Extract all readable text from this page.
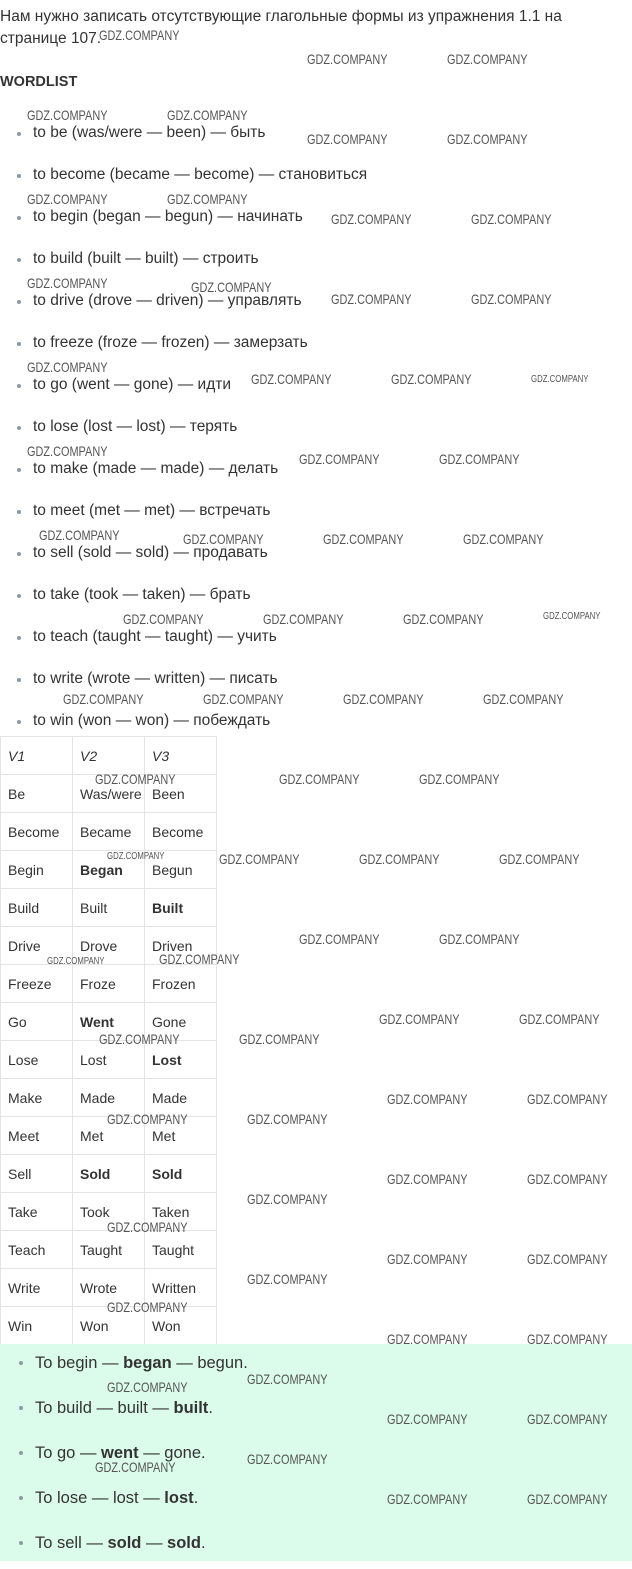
Нам нужно записать отсутствующие глагольные формы из упражнения 1.1 на странице 107.

WORDLIST
to be (was/were — been) — быть
to become (became — become) — становиться
to begin (began — begun) — начинать
to build (built — built) — строить
to drive (drove — driven) — управлять
to freeze (froze — frozen) — замерзать
to go (went — gone) — идти
to lose (lost — lost) — терять
to make (made — made) — делать
to meet (met — met) — встречать
to sell (sold — sold) — продавать
to take (took — taken) — брать
to teach (taught — taught) — учить
to write (wrote — written) — писать
to win (won — won) — побеждать
V1	V2	V3
Be	Was/were	Been
Become	Became	Become
Begin	Began	Begun
Build	Built	Built
Drive	Drove	Driven
Freeze	Froze	Frozen
Go	Went	Gone
Lose	Lost	Lost
Make	Made	Made
Meet	Met	Met
Sell	Sold	Sold
Take	Took	Taken
Teach	Taught	Taught
Write	Wrote	Written
Win	Won	Won
To begin — began — begun.
To build — built — built.
To go — went — gone.
To lose — lost — lost.
To sell — sold — sold.
GDZ.COMPANY
GDZ.COMPANY	GDZ.COMPANY
GDZ.COMPANY	GDZ.COMPANY
GDZ.COMPANY	GDZ.COMPANY
GDZ.COMPANY	GDZ.COMPANY
GDZ.COMPANY	GDZ.COMPANY
GDZ.COMPANY	GDZ.COMPANY
GDZ.COMPANY	GDZ.COMPANY
GDZ.COMPANY
GDZ.COMPANY	GDZ.COMPANY	GDZ.COMPANY
GDZ.COMPANY	GDZ.COMPANY	GDZ.COMPANY
GDZ.COMPANY	GDZ.COMPANY	GDZ.COMPANY	GDZ.COMPANY
GDZ.COMPANY	GDZ.COMPANY	GDZ.COMPANY	GDZ.COMPANY
GDZ.COMPANY	GDZ.COMPANY	GDZ.COMPANY	GDZ.COMPANY
GDZ.COMPANY	GDZ.COMPANY	GDZ.COMPANY
GDZ.COMPANY	GDZ.COMPANY	GDZ.COMPANY	GDZ.COMPANY
GDZ.COMPANY	GDZ.COMPANY
GDZ.COMPANY	GDZ.COMPANY
GDZ.COMPANY	GDZ.COMPANY
GDZ.COMPANY	GDZ.COMPANY
GDZ.COMPANY	GDZ.COMPANY
GDZ.COMPANY	GDZ.COMPANY
GDZ.COMPANY	GDZ.COMPANY
GDZ.COMPANY
GDZ.COMPANY
GDZ.COMPANY	GDZ.COMPANY
GDZ.COMPANY
GDZ.COMPANY
GDZ.COMPANY	GDZ.COMPANY
GDZ.COMPANY
GDZ.COMPANY
GDZ.COMPANY	GDZ.COMPANY
GDZ.COMPANY
GDZ.COMPANY
GDZ.COMPANY	GDZ.COMPANY
